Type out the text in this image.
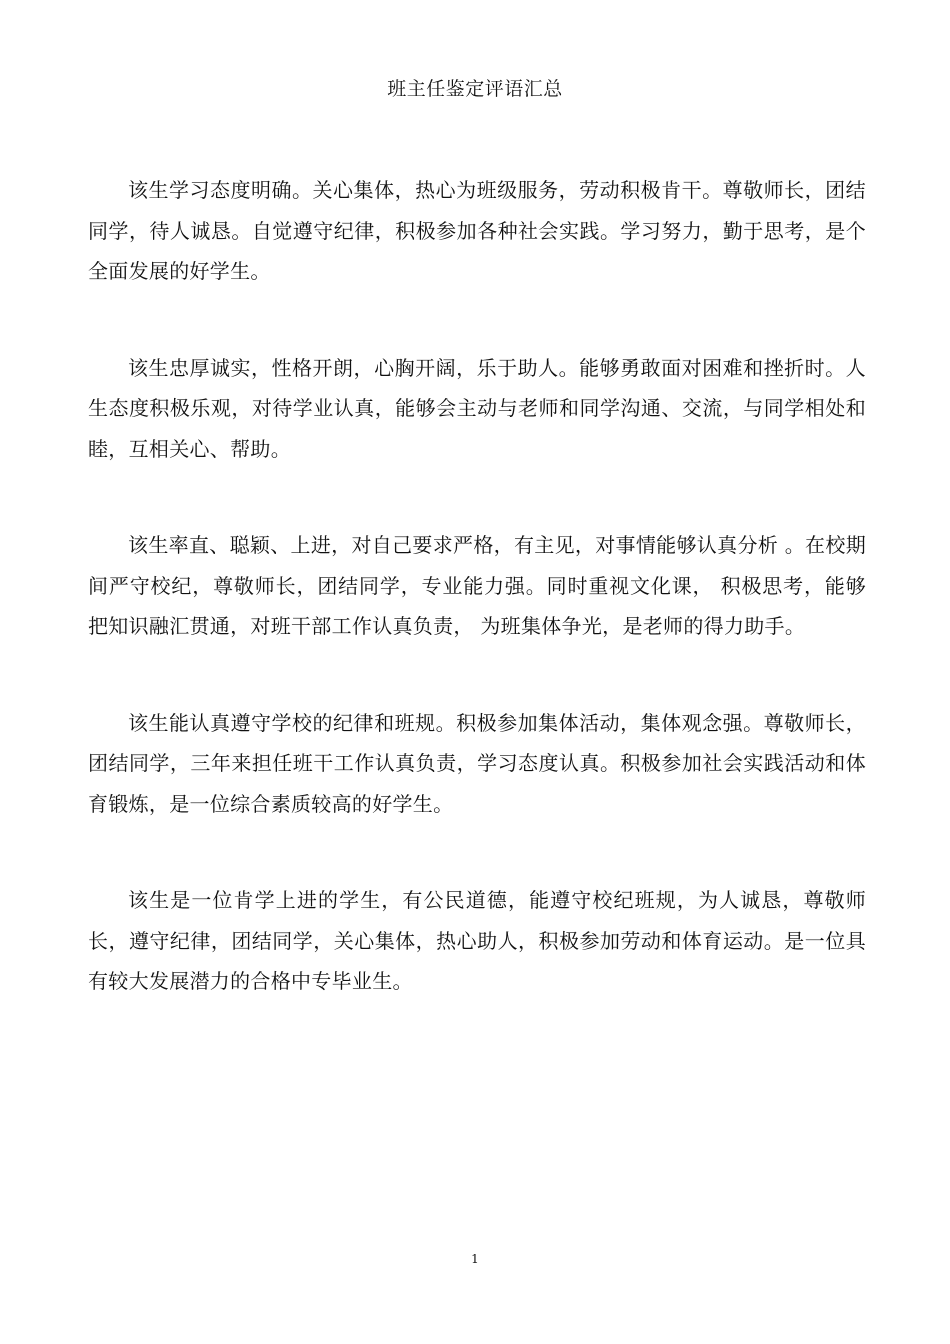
班主任鉴定评语汇总

该生学习态度明确。关心集体，热心为班级服务，劳动积极肯干。尊敬师长，团结同学，待人诚恳。自觉遵守纪律，积极参加各种社会实践。学习努力，勤于思考，是个全面发展的好学生。

该生忠厚诚实，性格开朗，心胸开阔，乐于助人。能够勇敢面对困难和挫折时。人生态度积极乐观，对待学业认真，能够会主动与老师和同学沟通、交流，与同学相处和睦，互相关心、帮助。

该生率直、聪颖、上进，对自己要求严格，有主见，对事情能够认真分析 。在校期间严守校纪，尊敬师长，团结同学，专业能力强。同时重视文化课， 积极思考，能够把知识融汇贯通，对班干部工作认真负责， 为班集体争光，是老师的得力助手。

该生能认真遵守学校的纪律和班规。积极参加集体活动，集体观念强。尊敬师长，团结同学，三年来担任班干工作认真负责，学习态度认真。积极参加社会实践活动和体育锻炼，是一位综合素质较高的好学生。

该生是一位肯学上进的学生，有公民道德，能遵守校纪班规，为人诚恳，尊敬师长，遵守纪律，团结同学，关心集体，热心助人，积极参加劳动和体育运动。是一位具有较大发展潜力的合格中专毕业生。

1
